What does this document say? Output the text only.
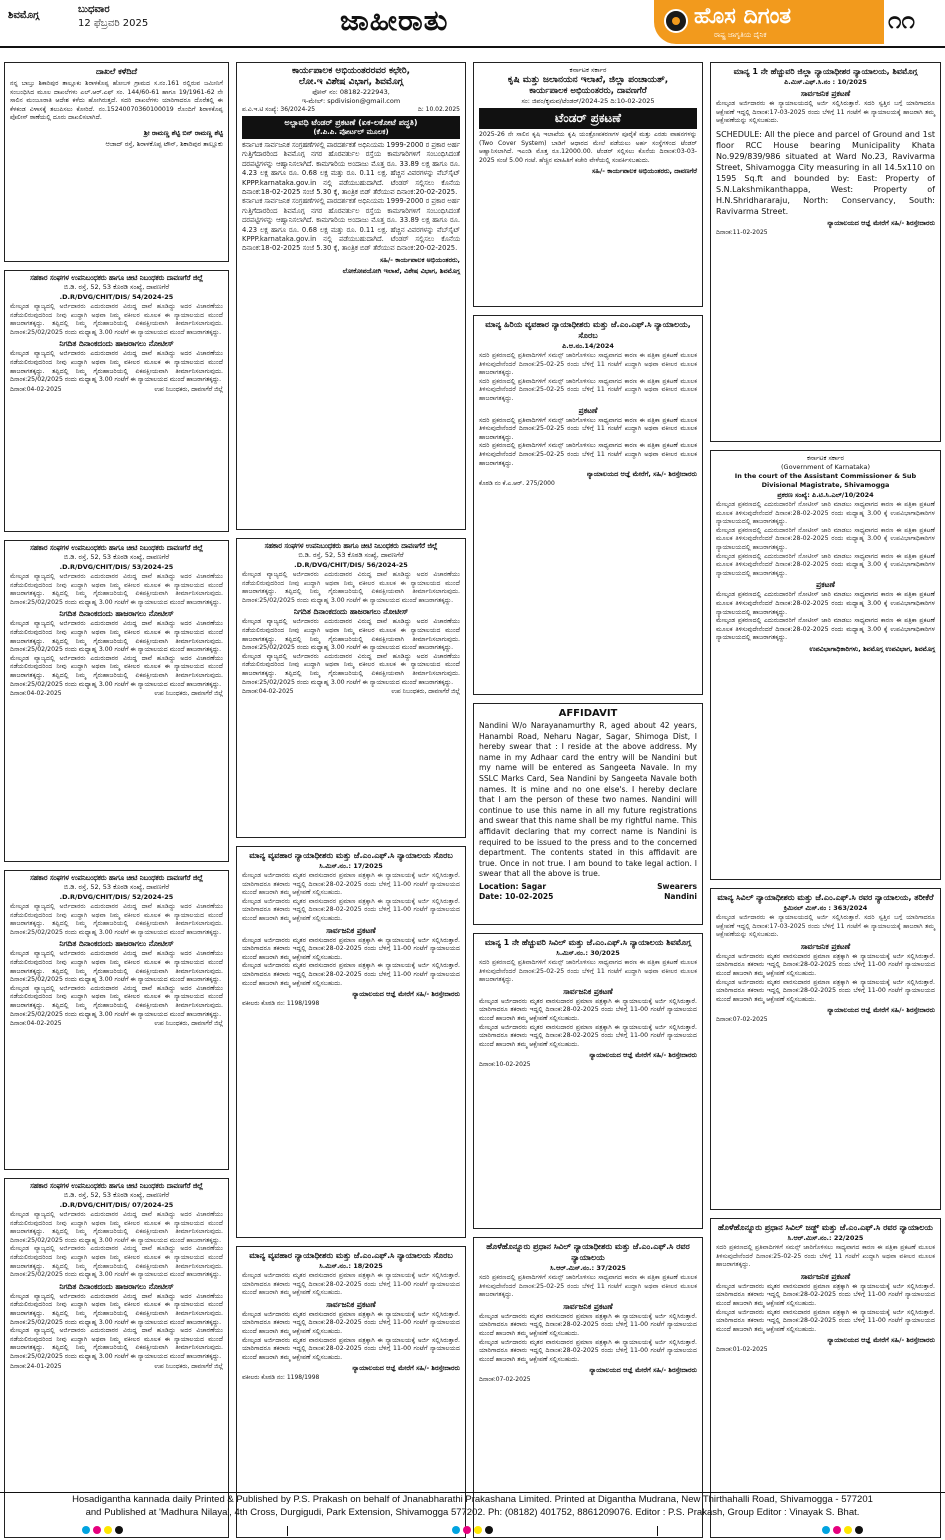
ಶಿವಮೊಗ್ಗ
ಬುಧವಾರ
12 ಫೆಬ್ರವರಿ 2025	ಜಾಹೀರಾತು	ಹೊಸ ದಿಗಂತ
ರಾಷ್ಟ್ರ ಜಾಗೃತಿಯ ದೈನಿಕ
೧೧
ದಾಖಲೆ ಕಳೆದಿದೆ
ನನ್ನ ಬಾಬ್ತು ಶಿಕಾರಿಪುರ ತಾಲ್ಲೂಕು ಶಿರಾಳಕೊಪ್ಪ ಹೋಬಳಿ ಗ್ರಾಮದ ಸ.ನಂ.161 ರಲ್ಲಿರುವ ಜಮೀನಿಗೆ ಸಂಬಂಧಿಸಿದ ಮೂಲ ದಾಖಲೆಗಳು ಎಲ್.ಆರ್.ಎಫ್ ಸಂ. 144/60-61 ಹಾಗೂ 19/1961-62 ನೇ ಸಾಲಿನ ಮಂಜೂರಾತಿ ಆದೇಶ ಕಳೆದು ಹೋಗಿರುತ್ತದೆ. ಸದರಿ ದಾಖಲೆಗಳು ಯಾರಿಗಾದರೂ ದೊರೆತಲ್ಲಿ ಈ ಕೆಳಕಂಡ ವಿಳಾಸಕ್ಕೆ ತಲುಪಿಸಲು ಕೋರಿದೆ. ನಂ.15240070360100019 ರೊಂದಿಗೆ ಶಿರಾಳಕೊಪ್ಪ ಪೊಲೀಸ್ ಠಾಣೆಯಲ್ಲಿ ದೂರು ದಾಖಲಿಸಲಾಗಿದೆ.
ಶ್ರೀ ರಾಮಣ್ಣ ಶೆಟ್ಟಿ ಬಿನ್ ರಾಮಣ್ಣ ಶೆಟ್ಟಿ
ಆಜಾದ್ ರಸ್ತೆ, ಶಿರಾಳಕೊಪ್ಪ ಟೌನ್, ಶಿಕಾರಿಪುರ ತಾಲ್ಲೂಕು
ಸಹಕಾರ ಸಂಘಗಳ ಉಪನಿಬಂಧಕರು ಹಾಗೂ ಚೀಟಿ ನಿಬಂಧಕರು ದಾವಣಗೆರೆ ಜಿಲ್ಲೆ
ಬಿ.ಡಿ. ರಸ್ತೆ, 52, 53 ಕೊಠಡಿ ಸಂಖ್ಯೆ, ದಾವಣಗೆರೆ
.D.R/DVG/CHIT/DIS/ 54/2024-25
ಮೇಲ್ಕಂಡ ವ್ಯಾಜ್ಯದಲ್ಲಿ ಅರ್ಜಿದಾರರು ಎದುರುದಾರರ ವಿರುದ್ಧ ದಾವೆ ಹೂಡಿದ್ದು ಅದರ ವಿಚಾರಣೆಯು ನಡೆಯಲಿರುವುದರಿಂದ ನೀವು ಖುದ್ದಾಗಿ ಅಥವಾ ನಿಮ್ಮ ವಕೀಲರ ಮೂಲಕ ಈ ನ್ಯಾಯಾಲಯದ ಮುಂದೆ ಹಾಜರಾಗತಕ್ಕದ್ದು. ತಪ್ಪಿದಲ್ಲಿ ನಿಮ್ಮ ಗೈರುಹಾಜರಿಯಲ್ಲಿ ಏಕಪಕ್ಷೀಯವಾಗಿ ತೀರ್ಮಾನಿಸಲಾಗುವುದು. ದಿನಾಂಕ:25/02/2025 ರಂದು ಮಧ್ಯಾಹ್ನ 3.00 ಗಂಟೆಗೆ ಈ ನ್ಯಾಯಾಲಯದ ಮುಂದೆ ಹಾಜರಾಗತಕ್ಕದ್ದು.
ನಿಗದಿತ ದಿನಾಂಕದಂದು ಹಾಜರಾಗಲು ನೋಟೀಸ್
ಮೇಲ್ಕಂಡ ವ್ಯಾಜ್ಯದಲ್ಲಿ ಅರ್ಜಿದಾರರು ಎದುರುದಾರರ ವಿರುದ್ಧ ದಾವೆ ಹೂಡಿದ್ದು ಅದರ ವಿಚಾರಣೆಯು ನಡೆಯಲಿರುವುದರಿಂದ ನೀವು ಖುದ್ದಾಗಿ ಅಥವಾ ನಿಮ್ಮ ವಕೀಲರ ಮೂಲಕ ಈ ನ್ಯಾಯಾಲಯದ ಮುಂದೆ ಹಾಜರಾಗತಕ್ಕದ್ದು. ತಪ್ಪಿದಲ್ಲಿ ನಿಮ್ಮ ಗೈರುಹಾಜರಿಯಲ್ಲಿ ಏಕಪಕ್ಷೀಯವಾಗಿ ತೀರ್ಮಾನಿಸಲಾಗುವುದು. ದಿನಾಂಕ:25/02/2025 ರಂದು ಮಧ್ಯಾಹ್ನ 3.00 ಗಂಟೆಗೆ ಈ ನ್ಯಾಯಾಲಯದ ಮುಂದೆ ಹಾಜರಾಗತಕ್ಕದ್ದು.
ದಿನಾಂಕ:04-02-2025	ಉಪ ನಿಬಂಧಕರು, ದಾವಣಗೆರೆ ಜಿಲ್ಲೆ
ಸಹಕಾರ ಸಂಘಗಳ ಉಪನಿಬಂಧಕರು ಹಾಗೂ ಚೀಟಿ ನಿಬಂಧಕರು ದಾವಣಗೆರೆ ಜಿಲ್ಲೆ
ಬಿ.ಡಿ. ರಸ್ತೆ, 52, 53 ಕೊಠಡಿ ಸಂಖ್ಯೆ, ದಾವಣಗೆರೆ
.D.R/DVG/CHIT/DIS/ 53/2024-25
ಮೇಲ್ಕಂಡ ವ್ಯಾಜ್ಯದಲ್ಲಿ ಅರ್ಜಿದಾರರು ಎದುರುದಾರರ ವಿರುದ್ಧ ದಾವೆ ಹೂಡಿದ್ದು ಅದರ ವಿಚಾರಣೆಯು ನಡೆಯಲಿರುವುದರಿಂದ ನೀವು ಖುದ್ದಾಗಿ ಅಥವಾ ನಿಮ್ಮ ವಕೀಲರ ಮೂಲಕ ಈ ನ್ಯಾಯಾಲಯದ ಮುಂದೆ ಹಾಜರಾಗತಕ್ಕದ್ದು. ತಪ್ಪಿದಲ್ಲಿ ನಿಮ್ಮ ಗೈರುಹಾಜರಿಯಲ್ಲಿ ಏಕಪಕ್ಷೀಯವಾಗಿ ತೀರ್ಮಾನಿಸಲಾಗುವುದು. ದಿನಾಂಕ:25/02/2025 ರಂದು ಮಧ್ಯಾಹ್ನ 3.00 ಗಂಟೆಗೆ ಈ ನ್ಯಾಯಾಲಯದ ಮುಂದೆ ಹಾಜರಾಗತಕ್ಕದ್ದು.
ನಿಗದಿತ ದಿನಾಂಕದಂದು ಹಾಜರಾಗಲು ನೋಟೀಸ್
ಮೇಲ್ಕಂಡ ವ್ಯಾಜ್ಯದಲ್ಲಿ ಅರ್ಜಿದಾರರು ಎದುರುದಾರರ ವಿರುದ್ಧ ದಾವೆ ಹೂಡಿದ್ದು ಅದರ ವಿಚಾರಣೆಯು ನಡೆಯಲಿರುವುದರಿಂದ ನೀವು ಖುದ್ದಾಗಿ ಅಥವಾ ನಿಮ್ಮ ವಕೀಲರ ಮೂಲಕ ಈ ನ್ಯಾಯಾಲಯದ ಮುಂದೆ ಹಾಜರಾಗತಕ್ಕದ್ದು. ತಪ್ಪಿದಲ್ಲಿ ನಿಮ್ಮ ಗೈರುಹಾಜರಿಯಲ್ಲಿ ಏಕಪಕ್ಷೀಯವಾಗಿ ತೀರ್ಮಾನಿಸಲಾಗುವುದು. ದಿನಾಂಕ:25/02/2025 ರಂದು ಮಧ್ಯಾಹ್ನ 3.00 ಗಂಟೆಗೆ ಈ ನ್ಯಾಯಾಲಯದ ಮುಂದೆ ಹಾಜರಾಗತಕ್ಕದ್ದು.
ಮೇಲ್ಕಂಡ ವ್ಯಾಜ್ಯದಲ್ಲಿ ಅರ್ಜಿದಾರರು ಎದುರುದಾರರ ವಿರುದ್ಧ ದಾವೆ ಹೂಡಿದ್ದು ಅದರ ವಿಚಾರಣೆಯು ನಡೆಯಲಿರುವುದರಿಂದ ನೀವು ಖುದ್ದಾಗಿ ಅಥವಾ ನಿಮ್ಮ ವಕೀಲರ ಮೂಲಕ ಈ ನ್ಯಾಯಾಲಯದ ಮುಂದೆ ಹಾಜರಾಗತಕ್ಕದ್ದು. ತಪ್ಪಿದಲ್ಲಿ ನಿಮ್ಮ ಗೈರುಹಾಜರಿಯಲ್ಲಿ ಏಕಪಕ್ಷೀಯವಾಗಿ ತೀರ್ಮಾನಿಸಲಾಗುವುದು. ದಿನಾಂಕ:25/02/2025 ರಂದು ಮಧ್ಯಾಹ್ನ 3.00 ಗಂಟೆಗೆ ಈ ನ್ಯಾಯಾಲಯದ ಮುಂದೆ ಹಾಜರಾಗತಕ್ಕದ್ದು.
ದಿನಾಂಕ:04-02-2025	ಉಪ ನಿಬಂಧಕರು, ದಾವಣಗೆರೆ ಜಿಲ್ಲೆ
ಸಹಕಾರ ಸಂಘಗಳ ಉಪನಿಬಂಧಕರು ಹಾಗೂ ಚೀಟಿ ನಿಬಂಧಕರು ದಾವಣಗೆರೆ ಜಿಲ್ಲೆ
ಬಿ.ಡಿ. ರಸ್ತೆ, 52, 53 ಕೊಠಡಿ ಸಂಖ್ಯೆ, ದಾವಣಗೆರೆ
.D.R/DVG/CHIT/DIS/ 52/2024-25
ಮೇಲ್ಕಂಡ ವ್ಯಾಜ್ಯದಲ್ಲಿ ಅರ್ಜಿದಾರರು ಎದುರುದಾರರ ವಿರುದ್ಧ ದಾವೆ ಹೂಡಿದ್ದು ಅದರ ವಿಚಾರಣೆಯು ನಡೆಯಲಿರುವುದರಿಂದ ನೀವು ಖುದ್ದಾಗಿ ಅಥವಾ ನಿಮ್ಮ ವಕೀಲರ ಮೂಲಕ ಈ ನ್ಯಾಯಾಲಯದ ಮುಂದೆ ಹಾಜರಾಗತಕ್ಕದ್ದು. ತಪ್ಪಿದಲ್ಲಿ ನಿಮ್ಮ ಗೈರುಹಾಜರಿಯಲ್ಲಿ ಏಕಪಕ್ಷೀಯವಾಗಿ ತೀರ್ಮಾನಿಸಲಾಗುವುದು. ದಿನಾಂಕ:25/02/2025 ರಂದು ಮಧ್ಯಾಹ್ನ 3.00 ಗಂಟೆಗೆ ಈ ನ್ಯಾಯಾಲಯದ ಮುಂದೆ ಹಾಜರಾಗತಕ್ಕದ್ದು.
ನಿಗದಿತ ದಿನಾಂಕದಂದು ಹಾಜರಾಗಲು ನೋಟೀಸ್
ಮೇಲ್ಕಂಡ ವ್ಯಾಜ್ಯದಲ್ಲಿ ಅರ್ಜಿದಾರರು ಎದುರುದಾರರ ವಿರುದ್ಧ ದಾವೆ ಹೂಡಿದ್ದು ಅದರ ವಿಚಾರಣೆಯು ನಡೆಯಲಿರುವುದರಿಂದ ನೀವು ಖುದ್ದಾಗಿ ಅಥವಾ ನಿಮ್ಮ ವಕೀಲರ ಮೂಲಕ ಈ ನ್ಯಾಯಾಲಯದ ಮುಂದೆ ಹಾಜರಾಗತಕ್ಕದ್ದು. ತಪ್ಪಿದಲ್ಲಿ ನಿಮ್ಮ ಗೈರುಹಾಜರಿಯಲ್ಲಿ ಏಕಪಕ್ಷೀಯವಾಗಿ ತೀರ್ಮಾನಿಸಲಾಗುವುದು. ದಿನಾಂಕ:25/02/2025 ರಂದು ಮಧ್ಯಾಹ್ನ 3.00 ಗಂಟೆಗೆ ಈ ನ್ಯಾಯಾಲಯದ ಮುಂದೆ ಹಾಜರಾಗತಕ್ಕದ್ದು.
ಮೇಲ್ಕಂಡ ವ್ಯಾಜ್ಯದಲ್ಲಿ ಅರ್ಜಿದಾರರು ಎದುರುದಾರರ ವಿರುದ್ಧ ದಾವೆ ಹೂಡಿದ್ದು ಅದರ ವಿಚಾರಣೆಯು ನಡೆಯಲಿರುವುದರಿಂದ ನೀವು ಖುದ್ದಾಗಿ ಅಥವಾ ನಿಮ್ಮ ವಕೀಲರ ಮೂಲಕ ಈ ನ್ಯಾಯಾಲಯದ ಮುಂದೆ ಹಾಜರಾಗತಕ್ಕದ್ದು. ತಪ್ಪಿದಲ್ಲಿ ನಿಮ್ಮ ಗೈರುಹಾಜರಿಯಲ್ಲಿ ಏಕಪಕ್ಷೀಯವಾಗಿ ತೀರ್ಮಾನಿಸಲಾಗುವುದು. ದಿನಾಂಕ:25/02/2025 ರಂದು ಮಧ್ಯಾಹ್ನ 3.00 ಗಂಟೆಗೆ ಈ ನ್ಯಾಯಾಲಯದ ಮುಂದೆ ಹಾಜರಾಗತಕ್ಕದ್ದು.
ದಿನಾಂಕ:04-02-2025	ಉಪ ನಿಬಂಧಕರು, ದಾವಣಗೆರೆ ಜಿಲ್ಲೆ
ಸಹಕಾರ ಸಂಘಗಳ ಉಪನಿಬಂಧಕರು ಹಾಗೂ ಚೀಟಿ ನಿಬಂಧಕರು ದಾವಣಗೆರೆ ಜಿಲ್ಲೆ
ಬಿ.ಡಿ. ರಸ್ತೆ, 52, 53 ಕೊಠಡಿ ಸಂಖ್ಯೆ, ದಾವಣಗೆರೆ
.D.R/DVG/CHIT/DIS/ 07/2024-25
ಮೇಲ್ಕಂಡ ವ್ಯಾಜ್ಯದಲ್ಲಿ ಅರ್ಜಿದಾರರು ಎದುರುದಾರರ ವಿರುದ್ಧ ದಾವೆ ಹೂಡಿದ್ದು ಅದರ ವಿಚಾರಣೆಯು ನಡೆಯಲಿರುವುದರಿಂದ ನೀವು ಖುದ್ದಾಗಿ ಅಥವಾ ನಿಮ್ಮ ವಕೀಲರ ಮೂಲಕ ಈ ನ್ಯಾಯಾಲಯದ ಮುಂದೆ ಹಾಜರಾಗತಕ್ಕದ್ದು. ತಪ್ಪಿದಲ್ಲಿ ನಿಮ್ಮ ಗೈರುಹಾಜರಿಯಲ್ಲಿ ಏಕಪಕ್ಷೀಯವಾಗಿ ತೀರ್ಮಾನಿಸಲಾಗುವುದು. ದಿನಾಂಕ:25/02/2025 ರಂದು ಮಧ್ಯಾಹ್ನ 3.00 ಗಂಟೆಗೆ ಈ ನ್ಯಾಯಾಲಯದ ಮುಂದೆ ಹಾಜರಾಗತಕ್ಕದ್ದು.
ಮೇಲ್ಕಂಡ ವ್ಯಾಜ್ಯದಲ್ಲಿ ಅರ್ಜಿದಾರರು ಎದುರುದಾರರ ವಿರುದ್ಧ ದಾವೆ ಹೂಡಿದ್ದು ಅದರ ವಿಚಾರಣೆಯು ನಡೆಯಲಿರುವುದರಿಂದ ನೀವು ಖುದ್ದಾಗಿ ಅಥವಾ ನಿಮ್ಮ ವಕೀಲರ ಮೂಲಕ ಈ ನ್ಯಾಯಾಲಯದ ಮುಂದೆ ಹಾಜರಾಗತಕ್ಕದ್ದು. ತಪ್ಪಿದಲ್ಲಿ ನಿಮ್ಮ ಗೈರುಹಾಜರಿಯಲ್ಲಿ ಏಕಪಕ್ಷೀಯವಾಗಿ ತೀರ್ಮಾನಿಸಲಾಗುವುದು. ದಿನಾಂಕ:25/02/2025 ರಂದು ಮಧ್ಯಾಹ್ನ 3.00 ಗಂಟೆಗೆ ಈ ನ್ಯಾಯಾಲಯದ ಮುಂದೆ ಹಾಜರಾಗತಕ್ಕದ್ದು.
ನಿಗದಿತ ದಿನಾಂಕದಂದು ಹಾಜರಾಗಲು ನೋಟೀಸ್
ಮೇಲ್ಕಂಡ ವ್ಯಾಜ್ಯದಲ್ಲಿ ಅರ್ಜಿದಾರರು ಎದುರುದಾರರ ವಿರುದ್ಧ ದಾವೆ ಹೂಡಿದ್ದು ಅದರ ವಿಚಾರಣೆಯು ನಡೆಯಲಿರುವುದರಿಂದ ನೀವು ಖುದ್ದಾಗಿ ಅಥವಾ ನಿಮ್ಮ ವಕೀಲರ ಮೂಲಕ ಈ ನ್ಯಾಯಾಲಯದ ಮುಂದೆ ಹಾಜರಾಗತಕ್ಕದ್ದು. ತಪ್ಪಿದಲ್ಲಿ ನಿಮ್ಮ ಗೈರುಹಾಜರಿಯಲ್ಲಿ ಏಕಪಕ್ಷೀಯವಾಗಿ ತೀರ್ಮಾನಿಸಲಾಗುವುದು. ದಿನಾಂಕ:25/02/2025 ರಂದು ಮಧ್ಯಾಹ್ನ 3.00 ಗಂಟೆಗೆ ಈ ನ್ಯಾಯಾಲಯದ ಮುಂದೆ ಹಾಜರಾಗತಕ್ಕದ್ದು.
ಮೇಲ್ಕಂಡ ವ್ಯಾಜ್ಯದಲ್ಲಿ ಅರ್ಜಿದಾರರು ಎದುರುದಾರರ ವಿರುದ್ಧ ದಾವೆ ಹೂಡಿದ್ದು ಅದರ ವಿಚಾರಣೆಯು ನಡೆಯಲಿರುವುದರಿಂದ ನೀವು ಖುದ್ದಾಗಿ ಅಥವಾ ನಿಮ್ಮ ವಕೀಲರ ಮೂಲಕ ಈ ನ್ಯಾಯಾಲಯದ ಮುಂದೆ ಹಾಜರಾಗತಕ್ಕದ್ದು. ತಪ್ಪಿದಲ್ಲಿ ನಿಮ್ಮ ಗೈರುಹಾಜರಿಯಲ್ಲಿ ಏಕಪಕ್ಷೀಯವಾಗಿ ತೀರ್ಮಾನಿಸಲಾಗುವುದು. ದಿನಾಂಕ:25/02/2025 ರಂದು ಮಧ್ಯಾಹ್ನ 3.00 ಗಂಟೆಗೆ ಈ ನ್ಯಾಯಾಲಯದ ಮುಂದೆ ಹಾಜರಾಗತಕ್ಕದ್ದು.
ದಿನಾಂಕ:24-01-2025	ಉಪ ನಿಬಂಧಕರು, ದಾವಣಗೆರೆ ಜಿಲ್ಲೆ
ಕಾರ್ಯಪಾಲಕ ಅಭಿಯಂತರರವರ ಕಛೇರಿ,
ಲೋ.ಇ ವಿಶೇಷ ವಿಭಾಗ, ಶಿವಮೊಗ್ಗ
ಫೋನ್ ನಂ: 08182-222943,
ಇ-ಮೇಲ್: spdivision@gmail.com
ಪ.ವಿ.ಇ.ಟಿ ಸಂಖ್ಯೆ: 36/2024-25	ದಿ: 10.02.2025
ಅಲ್ಪಾವಧಿ ಟೆಂಡರ್ ಪ್ರಕಟಣೆ (ಏಕ-ಲಕೋಟೆ ಪದ್ಧತಿ)
(ಕೆ.ಪಿ.ಪಿ. ಪೋರ್ಟಲ್ ಮೂಲಕ)
ಕರ್ನಾಟಕ ಸಾರ್ವಜನಿಕ ಸಂಗ್ರಹಣೆಗಳಲ್ಲಿ ಪಾರದರ್ಶಕತೆ ಅಧಿನಿಯಮ 1999-2000 ರ ಪ್ರಕಾರ ಅರ್ಹ ಗುತ್ತಿಗೆದಾರರಿಂದ ಶಿವಮೊಗ್ಗ ನಗರ ಹೊರವರ್ತುಲ ರಸ್ತೆಯ ಕಾಮಗಾರಿಗಳಿಗೆ ಸಂಬಂಧಿಸಿದಂತೆ ದರಪಟ್ಟಿಗಳನ್ನು ಆಹ್ವಾನಿಸಲಾಗಿದೆ. ಕಾಮಗಾರಿಯ ಅಂದಾಜು ಮೊತ್ತ ರೂ. 33.89 ಲಕ್ಷ ಹಾಗೂ ರೂ. 4.23 ಲಕ್ಷ ಹಾಗೂ ರೂ. 0.68 ಲಕ್ಷ ಮತ್ತು ರೂ. 0.11 ಲಕ್ಷ. ಹೆಚ್ಚಿನ ವಿವರಗಳನ್ನು ವೆಬ್‌ಸೈಟ್ KPPP.karnataka.gov.in ನಲ್ಲಿ ಪಡೆಯಬಹುದಾಗಿದೆ. ಟೆಂಡರ್ ಸಲ್ಲಿಸಲು ಕೊನೆಯ ದಿನಾಂಕ:18-02-2025 ಸಂಜೆ 5.30 ಕ್ಕೆ, ತಾಂತ್ರಿಕ ಬಿಡ್ ತೆರೆಯುವ ದಿನಾಂಕ:20-02-2025.
ಕರ್ನಾಟಕ ಸಾರ್ವಜನಿಕ ಸಂಗ್ರಹಣೆಗಳಲ್ಲಿ ಪಾರದರ್ಶಕತೆ ಅಧಿನಿಯಮ 1999-2000 ರ ಪ್ರಕಾರ ಅರ್ಹ ಗುತ್ತಿಗೆದಾರರಿಂದ ಶಿವಮೊಗ್ಗ ನಗರ ಹೊರವರ್ತುಲ ರಸ್ತೆಯ ಕಾಮಗಾರಿಗಳಿಗೆ ಸಂಬಂಧಿಸಿದಂತೆ ದರಪಟ್ಟಿಗಳನ್ನು ಆಹ್ವಾನಿಸಲಾಗಿದೆ. ಕಾಮಗಾರಿಯ ಅಂದಾಜು ಮೊತ್ತ ರೂ. 33.89 ಲಕ್ಷ ಹಾಗೂ ರೂ. 4.23 ಲಕ್ಷ ಹಾಗೂ ರೂ. 0.68 ಲಕ್ಷ ಮತ್ತು ರೂ. 0.11 ಲಕ್ಷ. ಹೆಚ್ಚಿನ ವಿವರಗಳನ್ನು ವೆಬ್‌ಸೈಟ್ KPPP.karnataka.gov.in ನಲ್ಲಿ ಪಡೆಯಬಹುದಾಗಿದೆ. ಟೆಂಡರ್ ಸಲ್ಲಿಸಲು ಕೊನೆಯ ದಿನಾಂಕ:18-02-2025 ಸಂಜೆ 5.30 ಕ್ಕೆ, ತಾಂತ್ರಿಕ ಬಿಡ್ ತೆರೆಯುವ ದಿನಾಂಕ:20-02-2025.
ಸಹಿ/- ಕಾರ್ಯಪಾಲಕ ಅಭಿಯಂತರರು,
ಲೋಕೋಪಯೋಗಿ ಇಲಾಖೆ, ವಿಶೇಷ ವಿಭಾಗ, ಶಿವಮೊಗ್ಗ
ಸಹಕಾರ ಸಂಘಗಳ ಉಪನಿಬಂಧಕರು ಹಾಗೂ ಚೀಟಿ ನಿಬಂಧಕರು ದಾವಣಗೆರೆ ಜಿಲ್ಲೆ
ಬಿ.ಡಿ. ರಸ್ತೆ, 52, 53 ಕೊಠಡಿ ಸಂಖ್ಯೆ, ದಾವಣಗೆರೆ
.D.R/DVG/CHIT/DIS/ 56/2024-25
ಮೇಲ್ಕಂಡ ವ್ಯಾಜ್ಯದಲ್ಲಿ ಅರ್ಜಿದಾರರು ಎದುರುದಾರರ ವಿರುದ್ಧ ದಾವೆ ಹೂಡಿದ್ದು ಅದರ ವಿಚಾರಣೆಯು ನಡೆಯಲಿರುವುದರಿಂದ ನೀವು ಖುದ್ದಾಗಿ ಅಥವಾ ನಿಮ್ಮ ವಕೀಲರ ಮೂಲಕ ಈ ನ್ಯಾಯಾಲಯದ ಮುಂದೆ ಹಾಜರಾಗತಕ್ಕದ್ದು. ತಪ್ಪಿದಲ್ಲಿ ನಿಮ್ಮ ಗೈರುಹಾಜರಿಯಲ್ಲಿ ಏಕಪಕ್ಷೀಯವಾಗಿ ತೀರ್ಮಾನಿಸಲಾಗುವುದು. ದಿನಾಂಕ:25/02/2025 ರಂದು ಮಧ್ಯಾಹ್ನ 3.00 ಗಂಟೆಗೆ ಈ ನ್ಯಾಯಾಲಯದ ಮುಂದೆ ಹಾಜರಾಗತಕ್ಕದ್ದು.
ನಿಗದಿತ ದಿನಾಂಕದಂದು ಹಾಜರಾಗಲು ನೋಟೀಸ್
ಮೇಲ್ಕಂಡ ವ್ಯಾಜ್ಯದಲ್ಲಿ ಅರ್ಜಿದಾರರು ಎದುರುದಾರರ ವಿರುದ್ಧ ದಾವೆ ಹೂಡಿದ್ದು ಅದರ ವಿಚಾರಣೆಯು ನಡೆಯಲಿರುವುದರಿಂದ ನೀವು ಖುದ್ದಾಗಿ ಅಥವಾ ನಿಮ್ಮ ವಕೀಲರ ಮೂಲಕ ಈ ನ್ಯಾಯಾಲಯದ ಮುಂದೆ ಹಾಜರಾಗತಕ್ಕದ್ದು. ತಪ್ಪಿದಲ್ಲಿ ನಿಮ್ಮ ಗೈರುಹಾಜರಿಯಲ್ಲಿ ಏಕಪಕ್ಷೀಯವಾಗಿ ತೀರ್ಮಾನಿಸಲಾಗುವುದು. ದಿನಾಂಕ:25/02/2025 ರಂದು ಮಧ್ಯಾಹ್ನ 3.00 ಗಂಟೆಗೆ ಈ ನ್ಯಾಯಾಲಯದ ಮುಂದೆ ಹಾಜರಾಗತಕ್ಕದ್ದು.
ಮೇಲ್ಕಂಡ ವ್ಯಾಜ್ಯದಲ್ಲಿ ಅರ್ಜಿದಾರರು ಎದುರುದಾರರ ವಿರುದ್ಧ ದಾವೆ ಹೂಡಿದ್ದು ಅದರ ವಿಚಾರಣೆಯು ನಡೆಯಲಿರುವುದರಿಂದ ನೀವು ಖುದ್ದಾಗಿ ಅಥವಾ ನಿಮ್ಮ ವಕೀಲರ ಮೂಲಕ ಈ ನ್ಯಾಯಾಲಯದ ಮುಂದೆ ಹಾಜರಾಗತಕ್ಕದ್ದು. ತಪ್ಪಿದಲ್ಲಿ ನಿಮ್ಮ ಗೈರುಹಾಜರಿಯಲ್ಲಿ ಏಕಪಕ್ಷೀಯವಾಗಿ ತೀರ್ಮಾನಿಸಲಾಗುವುದು. ದಿನಾಂಕ:25/02/2025 ರಂದು ಮಧ್ಯಾಹ್ನ 3.00 ಗಂಟೆಗೆ ಈ ನ್ಯಾಯಾಲಯದ ಮುಂದೆ ಹಾಜರಾಗತಕ್ಕದ್ದು.
ದಿನಾಂಕ:04-02-2025	ಉಪ ನಿಬಂಧಕರು, ದಾವಣಗೆರೆ ಜಿಲ್ಲೆ
ಮಾನ್ಯ ವ್ಯವಹಾರ ನ್ಯಾಯಾಧೀಶರು ಮತ್ತು ಜೆ.ಎಂ.ಎಫ್.ಸಿ ನ್ಯಾಯಾಲಯ ಸೊರಬ
ಸಿ.ಮಿಸ್.ನಂ.: 17/2025
ಮೇಲ್ಕಂಡ ಅರ್ಜಿದಾರರು ಮೃತರ ವಾರಸುದಾರರ ಪ್ರಮಾಣ ಪತ್ರಕ್ಕಾಗಿ ಈ ನ್ಯಾಯಾಲಯಕ್ಕೆ ಅರ್ಜಿ ಸಲ್ಲಿಸಿರುತ್ತಾರೆ. ಯಾರಿಗಾದರೂ ತಕರಾರು ಇದ್ದಲ್ಲಿ ದಿನಾಂಕ:28-02-2025 ರಂದು ಬೆಳಿಗ್ಗೆ 11-00 ಗಂಟೆಗೆ ನ್ಯಾಯಾಲಯದ ಮುಂದೆ ಹಾಜರಾಗಿ ತಮ್ಮ ಆಕ್ಷೇಪಣೆ ಸಲ್ಲಿಸಬಹುದು.
ಮೇಲ್ಕಂಡ ಅರ್ಜಿದಾರರು ಮೃತರ ವಾರಸುದಾರರ ಪ್ರಮಾಣ ಪತ್ರಕ್ಕಾಗಿ ಈ ನ್ಯಾಯಾಲಯಕ್ಕೆ ಅರ್ಜಿ ಸಲ್ಲಿಸಿರುತ್ತಾರೆ. ಯಾರಿಗಾದರೂ ತಕರಾರು ಇದ್ದಲ್ಲಿ ದಿನಾಂಕ:28-02-2025 ರಂದು ಬೆಳಿಗ್ಗೆ 11-00 ಗಂಟೆಗೆ ನ್ಯಾಯಾಲಯದ ಮುಂದೆ ಹಾಜರಾಗಿ ತಮ್ಮ ಆಕ್ಷೇಪಣೆ ಸಲ್ಲಿಸಬಹುದು.
ಸಾರ್ವಜನಿಕ ಪ್ರಕಟಣೆ
ಮೇಲ್ಕಂಡ ಅರ್ಜಿದಾರರು ಮೃತರ ವಾರಸುದಾರರ ಪ್ರಮಾಣ ಪತ್ರಕ್ಕಾಗಿ ಈ ನ್ಯಾಯಾಲಯಕ್ಕೆ ಅರ್ಜಿ ಸಲ್ಲಿಸಿರುತ್ತಾರೆ. ಯಾರಿಗಾದರೂ ತಕರಾರು ಇದ್ದಲ್ಲಿ ದಿನಾಂಕ:28-02-2025 ರಂದು ಬೆಳಿಗ್ಗೆ 11-00 ಗಂಟೆಗೆ ನ್ಯಾಯಾಲಯದ ಮುಂದೆ ಹಾಜರಾಗಿ ತಮ್ಮ ಆಕ್ಷೇಪಣೆ ಸಲ್ಲಿಸಬಹುದು.
ಮೇಲ್ಕಂಡ ಅರ್ಜಿದಾರರು ಮೃತರ ವಾರಸುದಾರರ ಪ್ರಮಾಣ ಪತ್ರಕ್ಕಾಗಿ ಈ ನ್ಯಾಯಾಲಯಕ್ಕೆ ಅರ್ಜಿ ಸಲ್ಲಿಸಿರುತ್ತಾರೆ. ಯಾರಿಗಾದರೂ ತಕರಾರು ಇದ್ದಲ್ಲಿ ದಿನಾಂಕ:28-02-2025 ರಂದು ಬೆಳಿಗ್ಗೆ 11-00 ಗಂಟೆಗೆ ನ್ಯಾಯಾಲಯದ ಮುಂದೆ ಹಾಜರಾಗಿ ತಮ್ಮ ಆಕ್ಷೇಪಣೆ ಸಲ್ಲಿಸಬಹುದು.
ನ್ಯಾಯಾಲಯದ ಆಜ್ಞೆ ಮೇರೆಗೆ ಸಹಿ/- ಶಿರಸ್ತೇದಾರರು
ವಕೀಲರು ಕೊಠಡಿ ನಂ: 1198/1998
ಮಾನ್ಯ ವ್ಯವಹಾರ ನ್ಯಾಯಾಧೀಶರು ಮತ್ತು ಜೆ.ಎಂ.ಎಫ್.ಸಿ ನ್ಯಾಯಾಲಯ ಸೊರಬ
ಸಿ.ಮಿಸ್.ನಂ.: 18/2025
ಮೇಲ್ಕಂಡ ಅರ್ಜಿದಾರರು ಮೃತರ ವಾರಸುದಾರರ ಪ್ರಮಾಣ ಪತ್ರಕ್ಕಾಗಿ ಈ ನ್ಯಾಯಾಲಯಕ್ಕೆ ಅರ್ಜಿ ಸಲ್ಲಿಸಿರುತ್ತಾರೆ. ಯಾರಿಗಾದರೂ ತಕರಾರು ಇದ್ದಲ್ಲಿ ದಿನಾಂಕ:28-02-2025 ರಂದು ಬೆಳಿಗ್ಗೆ 11-00 ಗಂಟೆಗೆ ನ್ಯಾಯಾಲಯದ ಮುಂದೆ ಹಾಜರಾಗಿ ತಮ್ಮ ಆಕ್ಷೇಪಣೆ ಸಲ್ಲಿಸಬಹುದು.
ಸಾರ್ವಜನಿಕ ಪ್ರಕಟಣೆ
ಮೇಲ್ಕಂಡ ಅರ್ಜಿದಾರರು ಮೃತರ ವಾರಸುದಾರರ ಪ್ರಮಾಣ ಪತ್ರಕ್ಕಾಗಿ ಈ ನ್ಯಾಯಾಲಯಕ್ಕೆ ಅರ್ಜಿ ಸಲ್ಲಿಸಿರುತ್ತಾರೆ. ಯಾರಿಗಾದರೂ ತಕರಾರು ಇದ್ದಲ್ಲಿ ದಿನಾಂಕ:28-02-2025 ರಂದು ಬೆಳಿಗ್ಗೆ 11-00 ಗಂಟೆಗೆ ನ್ಯಾಯಾಲಯದ ಮುಂದೆ ಹಾಜರಾಗಿ ತಮ್ಮ ಆಕ್ಷೇಪಣೆ ಸಲ್ಲಿಸಬಹುದು.
ಮೇಲ್ಕಂಡ ಅರ್ಜಿದಾರರು ಮೃತರ ವಾರಸುದಾರರ ಪ್ರಮಾಣ ಪತ್ರಕ್ಕಾಗಿ ಈ ನ್ಯಾಯಾಲಯಕ್ಕೆ ಅರ್ಜಿ ಸಲ್ಲಿಸಿರುತ್ತಾರೆ. ಯಾರಿಗಾದರೂ ತಕರಾರು ಇದ್ದಲ್ಲಿ ದಿನಾಂಕ:28-02-2025 ರಂದು ಬೆಳಿಗ್ಗೆ 11-00 ಗಂಟೆಗೆ ನ್ಯಾಯಾಲಯದ ಮುಂದೆ ಹಾಜರಾಗಿ ತಮ್ಮ ಆಕ್ಷೇಪಣೆ ಸಲ್ಲಿಸಬಹುದು.
ನ್ಯಾಯಾಲಯದ ಆಜ್ಞೆ ಮೇರೆಗೆ ಸಹಿ/- ಶಿರಸ್ತೇದಾರರು
ವಕೀಲರು ಕೊಠಡಿ ನಂ: 1198/1998
ಕರ್ನಾಟಕ ಸರ್ಕಾರ
ಕೃಷಿ ಮತ್ತು ಜಲಾನಯನ ಇಲಾಖೆ, ಜಿಲ್ಲಾ ಪಂಚಾಯತ್,
ಕಾರ್ಯಪಾಲಕ ಅಭಿಯಂತರರು, ದಾವಣಗೆರೆ
ಸಂ: ಜಿಪಂ/ಕೃಮವ/ಟೆಂಡರ್/2024-25 ದಿ:10-02-2025
ಟೆಂಡರ್ ಪ್ರಕಟಣೆ
2025-26 ನೇ ಸಾಲಿನ ಕೃಷಿ ಇಲಾಖೆಯ ಕೃಷಿ ಯಂತ್ರೋಪಕರಣಗಳ ಪೂರೈಕೆ ಮತ್ತು ಎರಡು ವಾಹನಗಳನ್ನು (Two Cover System) ಬಾಡಿಗೆ ಆಧಾರದ ಮೇಲೆ ಪಡೆಯಲು ಅರ್ಹ ಸಂಸ್ಥೆಗಳಿಂದ ಟೆಂಡರ್ ಆಹ್ವಾನಿಸಲಾಗಿದೆ. ಇಎಂಡಿ ಮೊತ್ತ ರೂ.12000.00. ಟೆಂಡರ್ ಸಲ್ಲಿಸಲು ಕೊನೆಯ ದಿನಾಂಕ:03-03-2025 ಸಂಜೆ 5.00 ಗಂಟೆ. ಹೆಚ್ಚಿನ ಮಾಹಿತಿಗೆ ಕಚೇರಿ ವೇಳೆಯಲ್ಲಿ ಸಂಪರ್ಕಿಸಬಹುದು.
ಸಹಿ/- ಕಾರ್ಯಪಾಲಕ ಅಭಿಯಂತರರು, ದಾವಣಗೆರೆ
ಮಾನ್ಯ ಹಿರಿಯ ವ್ಯವಹಾರ ನ್ಯಾಯಾಧೀಶರು ಮತ್ತು ಜೆ.ಎಂ.ಎಫ್.ಸಿ ನ್ಯಾಯಾಲಯ, ಸೊರಬ
ಪಿ.ಆ.ನಂ.14/2024
ಸದರಿ ಪ್ರಕರಣದಲ್ಲಿ ಪ್ರತಿವಾದಿಗಳಿಗೆ ಸಮನ್ಸ್ ಜಾರಿಗೊಳಿಸಲು ಸಾಧ್ಯವಾಗದ ಕಾರಣ ಈ ಪತ್ರಿಕಾ ಪ್ರಕಟಣೆ ಮೂಲಕ ತಿಳಿಸುವುದೇನೆಂದರೆ ದಿನಾಂಕ:25-02-25 ರಂದು ಬೆಳಿಗ್ಗೆ 11 ಗಂಟೆಗೆ ಖುದ್ದಾಗಿ ಅಥವಾ ವಕೀಲರ ಮೂಲಕ ಹಾಜರಾಗತಕ್ಕದ್ದು.
ಸದರಿ ಪ್ರಕರಣದಲ್ಲಿ ಪ್ರತಿವಾದಿಗಳಿಗೆ ಸಮನ್ಸ್ ಜಾರಿಗೊಳಿಸಲು ಸಾಧ್ಯವಾಗದ ಕಾರಣ ಈ ಪತ್ರಿಕಾ ಪ್ರಕಟಣೆ ಮೂಲಕ ತಿಳಿಸುವುದೇನೆಂದರೆ ದಿನಾಂಕ:25-02-25 ರಂದು ಬೆಳಿಗ್ಗೆ 11 ಗಂಟೆಗೆ ಖುದ್ದಾಗಿ ಅಥವಾ ವಕೀಲರ ಮೂಲಕ ಹಾಜರಾಗತಕ್ಕದ್ದು.
ಪ್ರಕಟಣೆ
ಸದರಿ ಪ್ರಕರಣದಲ್ಲಿ ಪ್ರತಿವಾದಿಗಳಿಗೆ ಸಮನ್ಸ್ ಜಾರಿಗೊಳಿಸಲು ಸಾಧ್ಯವಾಗದ ಕಾರಣ ಈ ಪತ್ರಿಕಾ ಪ್ರಕಟಣೆ ಮೂಲಕ ತಿಳಿಸುವುದೇನೆಂದರೆ ದಿನಾಂಕ:25-02-25 ರಂದು ಬೆಳಿಗ್ಗೆ 11 ಗಂಟೆಗೆ ಖುದ್ದಾಗಿ ಅಥವಾ ವಕೀಲರ ಮೂಲಕ ಹಾಜರಾಗತಕ್ಕದ್ದು.
ಸದರಿ ಪ್ರಕರಣದಲ್ಲಿ ಪ್ರತಿವಾದಿಗಳಿಗೆ ಸಮನ್ಸ್ ಜಾರಿಗೊಳಿಸಲು ಸಾಧ್ಯವಾಗದ ಕಾರಣ ಈ ಪತ್ರಿಕಾ ಪ್ರಕಟಣೆ ಮೂಲಕ ತಿಳಿಸುವುದೇನೆಂದರೆ ದಿನಾಂಕ:25-02-25 ರಂದು ಬೆಳಿಗ್ಗೆ 11 ಗಂಟೆಗೆ ಖುದ್ದಾಗಿ ಅಥವಾ ವಕೀಲರ ಮೂಲಕ ಹಾಜರಾಗತಕ್ಕದ್ದು.
ನ್ಯಾಯಾಲಯದ ಆಜ್ಞೆ ಮೇರೆಗೆ, ಸಹಿ/- ಶಿರಸ್ತೇದಾರರು
ಕೊಠಡಿ ನಂ ಕೆ.ಎ.ಆರ್. 275/2000
AFFIDAVIT
Nandini W/o Narayanamurthy R, aged about 42 years, Hanambi Road, Neharu Nagar, Sagar, Shimoga Dist, I hereby swear that : I reside at the above address. My name in my Adhaar card the entry will be Nandini but my name will be entered as Sangeeta Navale. In my SSLC Marks Card, Sea Nandini by Sangeeta Navale both names. It is mine and no one else's. I hereby declare that I am the person of these two names. Nandini will continue to use this name in all my future registrations and swear that this name shall be my rightful name. This affidavit declaring that my correct name is Nandini is required to be issued to the press and to the concerned department. The contents stated in this affidavit are true. Once in not true. I am bound to take legal action. I swear that all the above is true.
Location: Sagar
Date: 10-02-2025
Swearers
Nandini
ಮಾನ್ಯ 1 ನೇ ಹೆಚ್ಚುವರಿ ಸಿವಿಲ್ ಮತ್ತು ಜೆ.ಎಂ.ಎಫ್.ಸಿ ನ್ಯಾಯಾಲಯ ಶಿವಮೊಗ್ಗ
ಸಿ.ಮಿಸ್.ನಂ.: 30/2025
ಸದರಿ ಪ್ರಕರಣದಲ್ಲಿ ಪ್ರತಿವಾದಿಗಳಿಗೆ ಸಮನ್ಸ್ ಜಾರಿಗೊಳಿಸಲು ಸಾಧ್ಯವಾಗದ ಕಾರಣ ಈ ಪತ್ರಿಕಾ ಪ್ರಕಟಣೆ ಮೂಲಕ ತಿಳಿಸುವುದೇನೆಂದರೆ ದಿನಾಂಕ:25-02-25 ರಂದು ಬೆಳಿಗ್ಗೆ 11 ಗಂಟೆಗೆ ಖುದ್ದಾಗಿ ಅಥವಾ ವಕೀಲರ ಮೂಲಕ ಹಾಜರಾಗತಕ್ಕದ್ದು.
ಸಾರ್ವಜನಿಕ ಪ್ರಕಟಣೆ
ಮೇಲ್ಕಂಡ ಅರ್ಜಿದಾರರು ಮೃತರ ವಾರಸುದಾರರ ಪ್ರಮಾಣ ಪತ್ರಕ್ಕಾಗಿ ಈ ನ್ಯಾಯಾಲಯಕ್ಕೆ ಅರ್ಜಿ ಸಲ್ಲಿಸಿರುತ್ತಾರೆ. ಯಾರಿಗಾದರೂ ತಕರಾರು ಇದ್ದಲ್ಲಿ ದಿನಾಂಕ:28-02-2025 ರಂದು ಬೆಳಿಗ್ಗೆ 11-00 ಗಂಟೆಗೆ ನ್ಯಾಯಾಲಯದ ಮುಂದೆ ಹಾಜರಾಗಿ ತಮ್ಮ ಆಕ್ಷೇಪಣೆ ಸಲ್ಲಿಸಬಹುದು.
ಮೇಲ್ಕಂಡ ಅರ್ಜಿದಾರರು ಮೃತರ ವಾರಸುದಾರರ ಪ್ರಮಾಣ ಪತ್ರಕ್ಕಾಗಿ ಈ ನ್ಯಾಯಾಲಯಕ್ಕೆ ಅರ್ಜಿ ಸಲ್ಲಿಸಿರುತ್ತಾರೆ. ಯಾರಿಗಾದರೂ ತಕರಾರು ಇದ್ದಲ್ಲಿ ದಿನಾಂಕ:28-02-2025 ರಂದು ಬೆಳಿಗ್ಗೆ 11-00 ಗಂಟೆಗೆ ನ್ಯಾಯಾಲಯದ ಮುಂದೆ ಹಾಜರಾಗಿ ತಮ್ಮ ಆಕ್ಷೇಪಣೆ ಸಲ್ಲಿಸಬಹುದು.
ನ್ಯಾಯಾಲಯದ ಆಜ್ಞೆ ಮೇರೆಗೆ ಸಹಿ/- ಶಿರಸ್ತೇದಾರರು
ದಿನಾಂಕ:10-02-2025
ಹೊಳೆಹೊನ್ನೂರು ಪ್ರಧಾನ ಸಿವಿಲ್ ನ್ಯಾಯಾಧೀಶರು ಮತ್ತು ಜೆ.ಎಂ.ಎಫ್.ಸಿ ರವರ ನ್ಯಾಯಾಲಯ
ಸಿ.ಆರ್.ಮಿಸ್.ನಂ.: 37/2025
ಸದರಿ ಪ್ರಕರಣದಲ್ಲಿ ಪ್ರತಿವಾದಿಗಳಿಗೆ ಸಮನ್ಸ್ ಜಾರಿಗೊಳಿಸಲು ಸಾಧ್ಯವಾಗದ ಕಾರಣ ಈ ಪತ್ರಿಕಾ ಪ್ರಕಟಣೆ ಮೂಲಕ ತಿಳಿಸುವುದೇನೆಂದರೆ ದಿನಾಂಕ:25-02-25 ರಂದು ಬೆಳಿಗ್ಗೆ 11 ಗಂಟೆಗೆ ಖುದ್ದಾಗಿ ಅಥವಾ ವಕೀಲರ ಮೂಲಕ ಹಾಜರಾಗತಕ್ಕದ್ದು.
ಸಾರ್ವಜನಿಕ ಪ್ರಕಟಣೆ
ಮೇಲ್ಕಂಡ ಅರ್ಜಿದಾರರು ಮೃತರ ವಾರಸುದಾರರ ಪ್ರಮಾಣ ಪತ್ರಕ್ಕಾಗಿ ಈ ನ್ಯಾಯಾಲಯಕ್ಕೆ ಅರ್ಜಿ ಸಲ್ಲಿಸಿರುತ್ತಾರೆ. ಯಾರಿಗಾದರೂ ತಕರಾರು ಇದ್ದಲ್ಲಿ ದಿನಾಂಕ:28-02-2025 ರಂದು ಬೆಳಿಗ್ಗೆ 11-00 ಗಂಟೆಗೆ ನ್ಯಾಯಾಲಯದ ಮುಂದೆ ಹಾಜರಾಗಿ ತಮ್ಮ ಆಕ್ಷೇಪಣೆ ಸಲ್ಲಿಸಬಹುದು.
ಮೇಲ್ಕಂಡ ಅರ್ಜಿದಾರರು ಮೃತರ ವಾರಸುದಾರರ ಪ್ರಮಾಣ ಪತ್ರಕ್ಕಾಗಿ ಈ ನ್ಯಾಯಾಲಯಕ್ಕೆ ಅರ್ಜಿ ಸಲ್ಲಿಸಿರುತ್ತಾರೆ. ಯಾರಿಗಾದರೂ ತಕರಾರು ಇದ್ದಲ್ಲಿ ದಿನಾಂಕ:28-02-2025 ರಂದು ಬೆಳಿಗ್ಗೆ 11-00 ಗಂಟೆಗೆ ನ್ಯಾಯಾಲಯದ ಮುಂದೆ ಹಾಜರಾಗಿ ತಮ್ಮ ಆಕ್ಷೇಪಣೆ ಸಲ್ಲಿಸಬಹುದು.
ನ್ಯಾಯಾಲಯದ ಆಜ್ಞೆ ಮೇರೆಗೆ ಸಹಿ/- ಶಿರಸ್ತೇದಾರರು
ದಿನಾಂಕ:07-02-2025
ಮಾನ್ಯ 1 ನೇ ಹೆಚ್ಚುವರಿ ಜಿಲ್ಲಾ ನ್ಯಾಯಾಧೀಶರ ನ್ಯಾಯಾಲಯ, ಶಿವಮೊಗ್ಗ
ಪಿ.ಮಿಸ್.ಎಫ್.ಸಿ.ನಂ : 10/2025
ಸಾರ್ವಜನಿಕ ಪ್ರಕಟಣೆ
ಮೇಲ್ಕಂಡ ಅರ್ಜಿದಾರರು ಈ ನ್ಯಾಯಾಲಯದಲ್ಲಿ ಅರ್ಜಿ ಸಲ್ಲಿಸಿರುತ್ತಾರೆ. ಸದರಿ ಸ್ವತ್ತಿನ ಬಗ್ಗೆ ಯಾರಿಗಾದರೂ ಆಕ್ಷೇಪಣೆ ಇದ್ದಲ್ಲಿ ದಿನಾಂಕ:17-03-2025 ರಂದು ಬೆಳಿಗ್ಗೆ 11 ಗಂಟೆಗೆ ಈ ನ್ಯಾಯಾಲಯಕ್ಕೆ ಹಾಜರಾಗಿ ತಮ್ಮ ಆಕ್ಷೇಪಣೆಯನ್ನು ಸಲ್ಲಿಸಬಹುದು.
SCHEDULE: All the piece and parcel of Ground and 1st floor RCC House bearing Municipality Khata No.929/839/986 situated at Ward No.23, Ravivarma Street, Shivamogga City measuring in all 14.5x110 on 1595 Sq.ft and bounded by: East: Property of S.N.Lakshmikanthappa, West: Property of H.N.Shridhararaju, North: Conservancy, South: Ravivarma Street.
ನ್ಯಾಯಾಲಯದ ಆಜ್ಞೆ ಮೇರೆಗೆ ಸಹಿ/- ಶಿರಸ್ತೇದಾರರು
ದಿನಾಂಕ:11-02-2025
ಕರ್ನಾಟಕ ಸರ್ಕಾರ
(Government of Karnataka)
In the court of the Assistant Commissioner & Sub Divisional Magistrate, Shivamogga
ಪ್ರಕರಣ ಸಂಖ್ಯೆ: ಪಿ.ಟಿ.ಸಿ.ಎಲ್/10/2024
ಮೇಲ್ಕಂಡ ಪ್ರಕರಣದಲ್ಲಿ ಎದುರುದಾರರಿಗೆ ನೋಟೀಸ್ ಜಾರಿ ಮಾಡಲು ಸಾಧ್ಯವಾಗದ ಕಾರಣ ಈ ಪತ್ರಿಕಾ ಪ್ರಕಟಣೆ ಮೂಲಕ ತಿಳಿಸುವುದೇನೆಂದರೆ ದಿನಾಂಕ:28-02-2025 ರಂದು ಮಧ್ಯಾಹ್ನ 3.00 ಕ್ಕೆ ಉಪವಿಭಾಗಾಧಿಕಾರಿಗಳ ನ್ಯಾಯಾಲಯದಲ್ಲಿ ಹಾಜರಾಗತಕ್ಕದ್ದು.
ಮೇಲ್ಕಂಡ ಪ್ರಕರಣದಲ್ಲಿ ಎದುರುದಾರರಿಗೆ ನೋಟೀಸ್ ಜಾರಿ ಮಾಡಲು ಸಾಧ್ಯವಾಗದ ಕಾರಣ ಈ ಪತ್ರಿಕಾ ಪ್ರಕಟಣೆ ಮೂಲಕ ತಿಳಿಸುವುದೇನೆಂದರೆ ದಿನಾಂಕ:28-02-2025 ರಂದು ಮಧ್ಯಾಹ್ನ 3.00 ಕ್ಕೆ ಉಪವಿಭಾಗಾಧಿಕಾರಿಗಳ ನ್ಯಾಯಾಲಯದಲ್ಲಿ ಹಾಜರಾಗತಕ್ಕದ್ದು.
ಮೇಲ್ಕಂಡ ಪ್ರಕರಣದಲ್ಲಿ ಎದುರುದಾರರಿಗೆ ನೋಟೀಸ್ ಜಾರಿ ಮಾಡಲು ಸಾಧ್ಯವಾಗದ ಕಾರಣ ಈ ಪತ್ರಿಕಾ ಪ್ರಕಟಣೆ ಮೂಲಕ ತಿಳಿಸುವುದೇನೆಂದರೆ ದಿನಾಂಕ:28-02-2025 ರಂದು ಮಧ್ಯಾಹ್ನ 3.00 ಕ್ಕೆ ಉಪವಿಭಾಗಾಧಿಕಾರಿಗಳ ನ್ಯಾಯಾಲಯದಲ್ಲಿ ಹಾಜರಾಗತಕ್ಕದ್ದು.
ಪ್ರಕಟಣೆ
ಮೇಲ್ಕಂಡ ಪ್ರಕರಣದಲ್ಲಿ ಎದುರುದಾರರಿಗೆ ನೋಟೀಸ್ ಜಾರಿ ಮಾಡಲು ಸಾಧ್ಯವಾಗದ ಕಾರಣ ಈ ಪತ್ರಿಕಾ ಪ್ರಕಟಣೆ ಮೂಲಕ ತಿಳಿಸುವುದೇನೆಂದರೆ ದಿನಾಂಕ:28-02-2025 ರಂದು ಮಧ್ಯಾಹ್ನ 3.00 ಕ್ಕೆ ಉಪವಿಭಾಗಾಧಿಕಾರಿಗಳ ನ್ಯಾಯಾಲಯದಲ್ಲಿ ಹಾಜರಾಗತಕ್ಕದ್ದು.
ಮೇಲ್ಕಂಡ ಪ್ರಕರಣದಲ್ಲಿ ಎದುರುದಾರರಿಗೆ ನೋಟೀಸ್ ಜಾರಿ ಮಾಡಲು ಸಾಧ್ಯವಾಗದ ಕಾರಣ ಈ ಪತ್ರಿಕಾ ಪ್ರಕಟಣೆ ಮೂಲಕ ತಿಳಿಸುವುದೇನೆಂದರೆ ದಿನಾಂಕ:28-02-2025 ರಂದು ಮಧ್ಯಾಹ್ನ 3.00 ಕ್ಕೆ ಉಪವಿಭಾಗಾಧಿಕಾರಿಗಳ ನ್ಯಾಯಾಲಯದಲ್ಲಿ ಹಾಜರಾಗತಕ್ಕದ್ದು.
ಉಪವಿಭಾಗಾಧಿಕಾರಿಗಳು, ಶಿವಮೊಗ್ಗ ಉಪವಿಭಾಗ, ಶಿವಮೊಗ್ಗ
ಮಾನ್ಯ ಸಿವಿಲ್ ನ್ಯಾಯಾಧೀಶರು ಮತ್ತು ಜೆ.ಎಂ.ಎಫ್.ಸಿ ರವರ ನ್ಯಾಯಾಲಯ, ತರೀಕೆರೆ
ಕ್ರಿಮಿನಲ್ ಮಿಸ್.ನಂ : 363/2024
ಮೇಲ್ಕಂಡ ಅರ್ಜಿದಾರರು ಈ ನ್ಯಾಯಾಲಯದಲ್ಲಿ ಅರ್ಜಿ ಸಲ್ಲಿಸಿರುತ್ತಾರೆ. ಸದರಿ ಸ್ವತ್ತಿನ ಬಗ್ಗೆ ಯಾರಿಗಾದರೂ ಆಕ್ಷೇಪಣೆ ಇದ್ದಲ್ಲಿ ದಿನಾಂಕ:17-03-2025 ರಂದು ಬೆಳಿಗ್ಗೆ 11 ಗಂಟೆಗೆ ಈ ನ್ಯಾಯಾಲಯಕ್ಕೆ ಹಾಜರಾಗಿ ತಮ್ಮ ಆಕ್ಷೇಪಣೆಯನ್ನು ಸಲ್ಲಿಸಬಹುದು.
ಸಾರ್ವಜನಿಕ ಪ್ರಕಟಣೆ
ಮೇಲ್ಕಂಡ ಅರ್ಜಿದಾರರು ಮೃತರ ವಾರಸುದಾರರ ಪ್ರಮಾಣ ಪತ್ರಕ್ಕಾಗಿ ಈ ನ್ಯಾಯಾಲಯಕ್ಕೆ ಅರ್ಜಿ ಸಲ್ಲಿಸಿರುತ್ತಾರೆ. ಯಾರಿಗಾದರೂ ತಕರಾರು ಇದ್ದಲ್ಲಿ ದಿನಾಂಕ:28-02-2025 ರಂದು ಬೆಳಿಗ್ಗೆ 11-00 ಗಂಟೆಗೆ ನ್ಯಾಯಾಲಯದ ಮುಂದೆ ಹಾಜರಾಗಿ ತಮ್ಮ ಆಕ್ಷೇಪಣೆ ಸಲ್ಲಿಸಬಹುದು.
ಮೇಲ್ಕಂಡ ಅರ್ಜಿದಾರರು ಮೃತರ ವಾರಸುದಾರರ ಪ್ರಮಾಣ ಪತ್ರಕ್ಕಾಗಿ ಈ ನ್ಯಾಯಾಲಯಕ್ಕೆ ಅರ್ಜಿ ಸಲ್ಲಿಸಿರುತ್ತಾರೆ. ಯಾರಿಗಾದರೂ ತಕರಾರು ಇದ್ದಲ್ಲಿ ದಿನಾಂಕ:28-02-2025 ರಂದು ಬೆಳಿಗ್ಗೆ 11-00 ಗಂಟೆಗೆ ನ್ಯಾಯಾಲಯದ ಮುಂದೆ ಹಾಜರಾಗಿ ತಮ್ಮ ಆಕ್ಷೇಪಣೆ ಸಲ್ಲಿಸಬಹುದು.
ನ್ಯಾಯಾಲಯದ ಆಜ್ಞೆ ಮೇರೆಗೆ ಸಹಿ/- ಶಿರಸ್ತೇದಾರರು
ದಿನಾಂಕ:07-02-2025
ಹೊಳೆಹೊನ್ನೂರು ಪ್ರಧಾನ ಸಿವಿಲ್ ಜಡ್ಜ್ ಮತ್ತು ಜೆ.ಎಂ.ಎಫ್.ಸಿ ರವರ ನ್ಯಾಯಾಲಯ
ಸಿ.ಆರ್.ಮಿಸ್.ನಂ.: 22/2025
ಸದರಿ ಪ್ರಕರಣದಲ್ಲಿ ಪ್ರತಿವಾದಿಗಳಿಗೆ ಸಮನ್ಸ್ ಜಾರಿಗೊಳಿಸಲು ಸಾಧ್ಯವಾಗದ ಕಾರಣ ಈ ಪತ್ರಿಕಾ ಪ್ರಕಟಣೆ ಮೂಲಕ ತಿಳಿಸುವುದೇನೆಂದರೆ ದಿನಾಂಕ:25-02-25 ರಂದು ಬೆಳಿಗ್ಗೆ 11 ಗಂಟೆಗೆ ಖುದ್ದಾಗಿ ಅಥವಾ ವಕೀಲರ ಮೂಲಕ ಹಾಜರಾಗತಕ್ಕದ್ದು.
ಸಾರ್ವಜನಿಕ ಪ್ರಕಟಣೆ
ಮೇಲ್ಕಂಡ ಅರ್ಜಿದಾರರು ಮೃತರ ವಾರಸುದಾರರ ಪ್ರಮಾಣ ಪತ್ರಕ್ಕಾಗಿ ಈ ನ್ಯಾಯಾಲಯಕ್ಕೆ ಅರ್ಜಿ ಸಲ್ಲಿಸಿರುತ್ತಾರೆ. ಯಾರಿಗಾದರೂ ತಕರಾರು ಇದ್ದಲ್ಲಿ ದಿನಾಂಕ:28-02-2025 ರಂದು ಬೆಳಿಗ್ಗೆ 11-00 ಗಂಟೆಗೆ ನ್ಯಾಯಾಲಯದ ಮುಂದೆ ಹಾಜರಾಗಿ ತಮ್ಮ ಆಕ್ಷೇಪಣೆ ಸಲ್ಲಿಸಬಹುದು.
ಮೇಲ್ಕಂಡ ಅರ್ಜಿದಾರರು ಮೃತರ ವಾರಸುದಾರರ ಪ್ರಮಾಣ ಪತ್ರಕ್ಕಾಗಿ ಈ ನ್ಯಾಯಾಲಯಕ್ಕೆ ಅರ್ಜಿ ಸಲ್ಲಿಸಿರುತ್ತಾರೆ. ಯಾರಿಗಾದರೂ ತಕರಾರು ಇದ್ದಲ್ಲಿ ದಿನಾಂಕ:28-02-2025 ರಂದು ಬೆಳಿಗ್ಗೆ 11-00 ಗಂಟೆಗೆ ನ್ಯಾಯಾಲಯದ ಮುಂದೆ ಹಾಜರಾಗಿ ತಮ್ಮ ಆಕ್ಷೇಪಣೆ ಸಲ್ಲಿಸಬಹುದು.
ನ್ಯಾಯಾಲಯದ ಆಜ್ಞೆ ಮೇರೆಗೆ ಸಹಿ/- ಶಿರಸ್ತೇದಾರರು
ದಿನಾಂಕ:01-02-2025
Hosadigantha kannada daily Printed & Published by P.S. Prakash on behalf of Jnanabharathi Prakashana Limited. Printed at Digantha Mudrana, New Thirthahalli Road, Shivamogga - 577201
and Published at 'Madhura Nilaya', 4th Cross, Durgigudi, Park Extension, Shivamogga 577202. Ph: (08182) 401752, 8861209076. Editor : P.S. Prakash, Group Editor : Vinayak S. Bhat.
